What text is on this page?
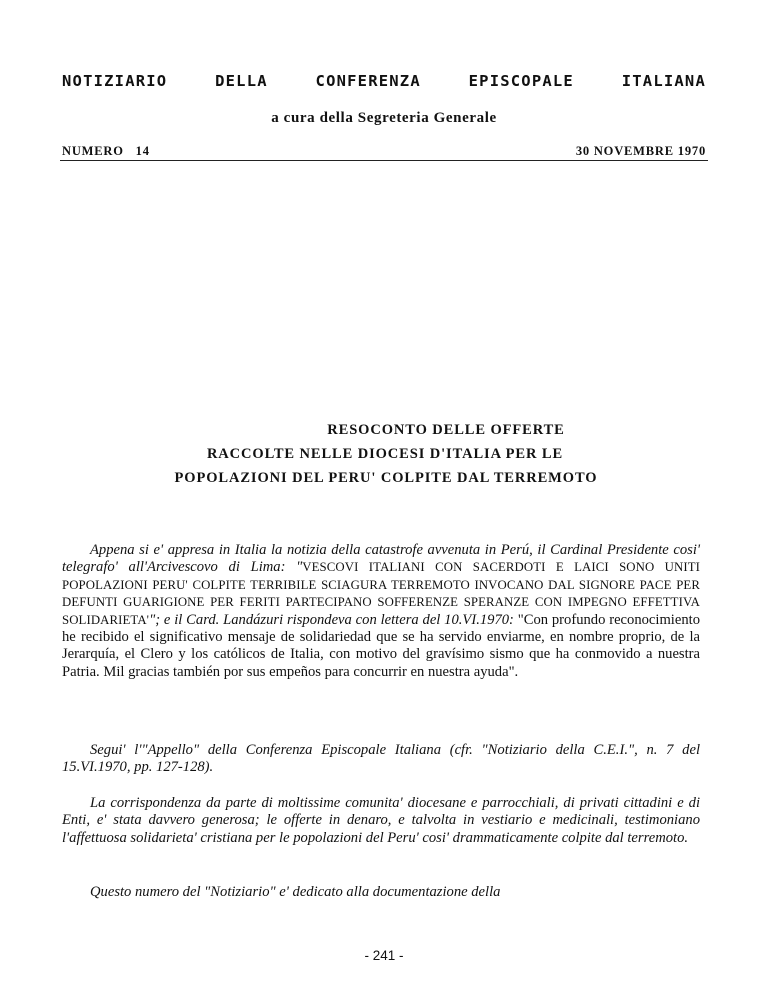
NOTIZIARIO	DELLA	CONFERENZA	EPISCOPALE	ITALIANA
a cura della Segreteria Generale
NUMERO 14	30 NOVEMBRE 1970
RESOCONTO DELLE OFFERTE
RACCOLTE NELLE DIOCESI D'ITALIA PER LE
POPOLAZIONI DEL PERU' COLPITE DAL TERREMOTO
Appena si e' appresa in Italia la notizia della catastrofe avvenuta in Perú, il Cardinal Presidente cosi' telegrafo' all'Arcivescovo di Lima: "VESCOVI ITALIANI CON SACERDOTI E LAICI SONO UNITI POPOLAZIONI PERU' COLPITE TERRIBILE SCIAGURA TERREMOTO INVOCANO DAL SIGNORE PACE PER DEFUNTI GUARIGIONE PER FERITI PARTECIPANO SOFFERENZE SPERANZE CON IMPEGNO EFFETTIVA SOLIDARIETA'"; e il Card. Landázuri rispondeva con lettera del 10.VI.1970: "Con profundo reconocimiento he recibido el significativo mensaje de solidariedad que se ha servido enviarme, en nombre proprio, de la Jerarquía, el Clero y los católicos de Italia, con motivo del gravísimo sismo que ha conmovido a nuestra Patria. Mil gracias también por sus empeños para concurrir en nuestra ayuda".
Segui' l'"Appello" della Conferenza Episcopale Italiana (cfr. "Notiziario della C.E.I.", n. 7 del 15.VI.1970, pp. 127-128).
La corrispondenza da parte di moltissime comunita' diocesane e parrocchiali, di privati cittadini e di Enti, e' stata davvero generosa; le offerte in denaro, e talvolta in vestiario e medicinali, testimoniano l'affettuosa solidarieta' cristiana per le popolazioni del Peru' cosi' drammaticamente colpite dal terremoto.
Questo numero del "Notiziario" e' dedicato alla documentazione della
- 241 -
